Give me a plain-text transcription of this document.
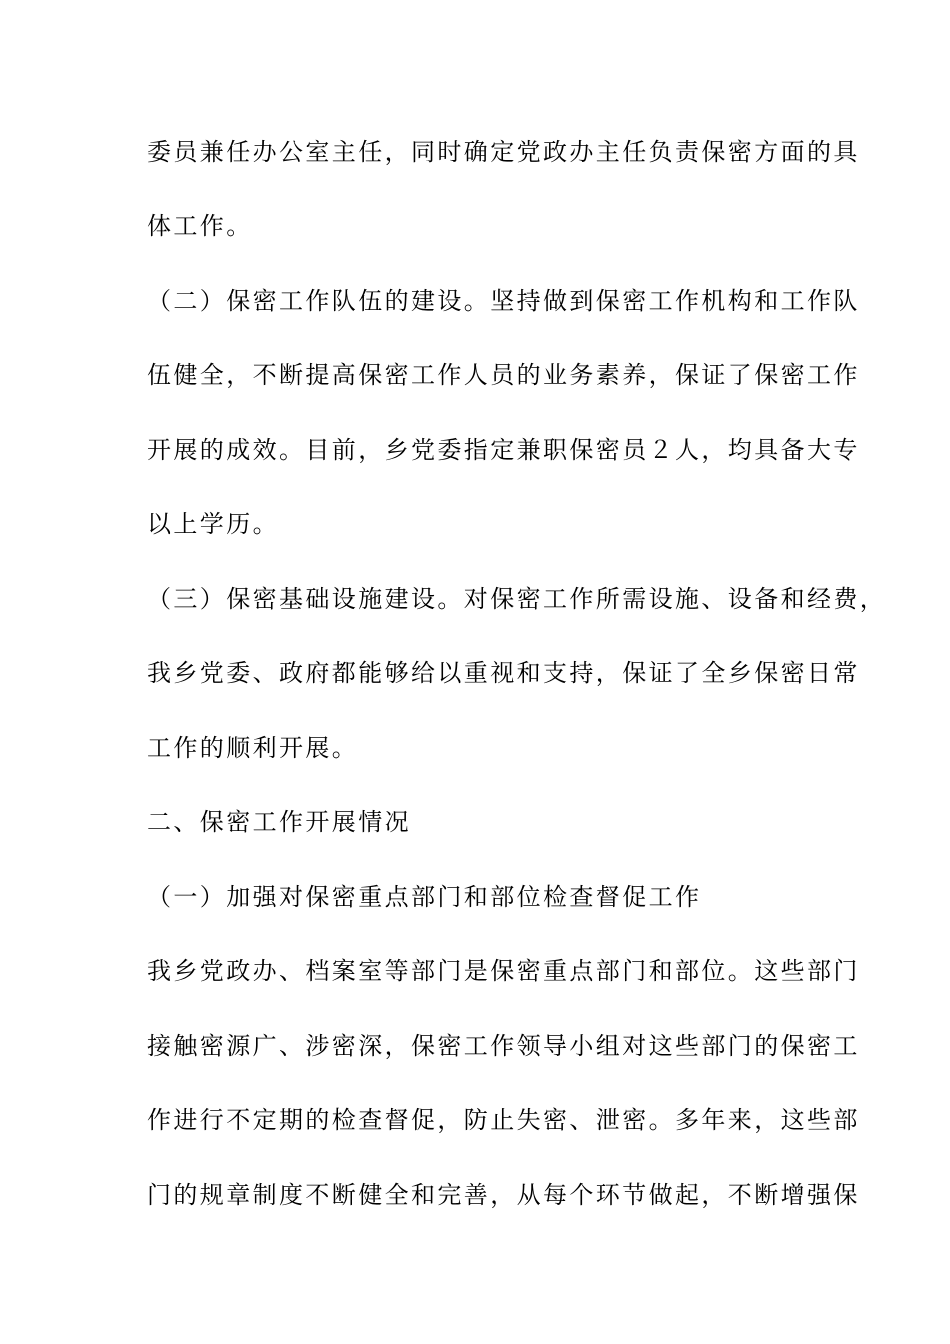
委员兼任办公室主任，同时确定党政办主任负责保密方面的具
体工作。
（二）保密工作队伍的建设。坚持做到保密工作机构和工作队
伍健全，不断提高保密工作人员的业务素养，保证了保密工作
开展的成效。目前，乡党委指定兼职保密员２人，均具备大专
以上学历。
（三）保密基础设施建设。对保密工作所需设施、设备和经费，
我乡党委、政府都能够给以重视和支持，保证了全乡保密日常
工作的顺利开展。
二、保密工作开展情况
（一）加强对保密重点部门和部位检查督促工作
我乡党政办、档案室等部门是保密重点部门和部位。这些部门
接触密源广、涉密深，保密工作领导小组对这些部门的保密工
作进行不定期的检查督促，防止失密、泄密。多年来，这些部
门的规章制度不断健全和完善，从每个环节做起，不断增强保
